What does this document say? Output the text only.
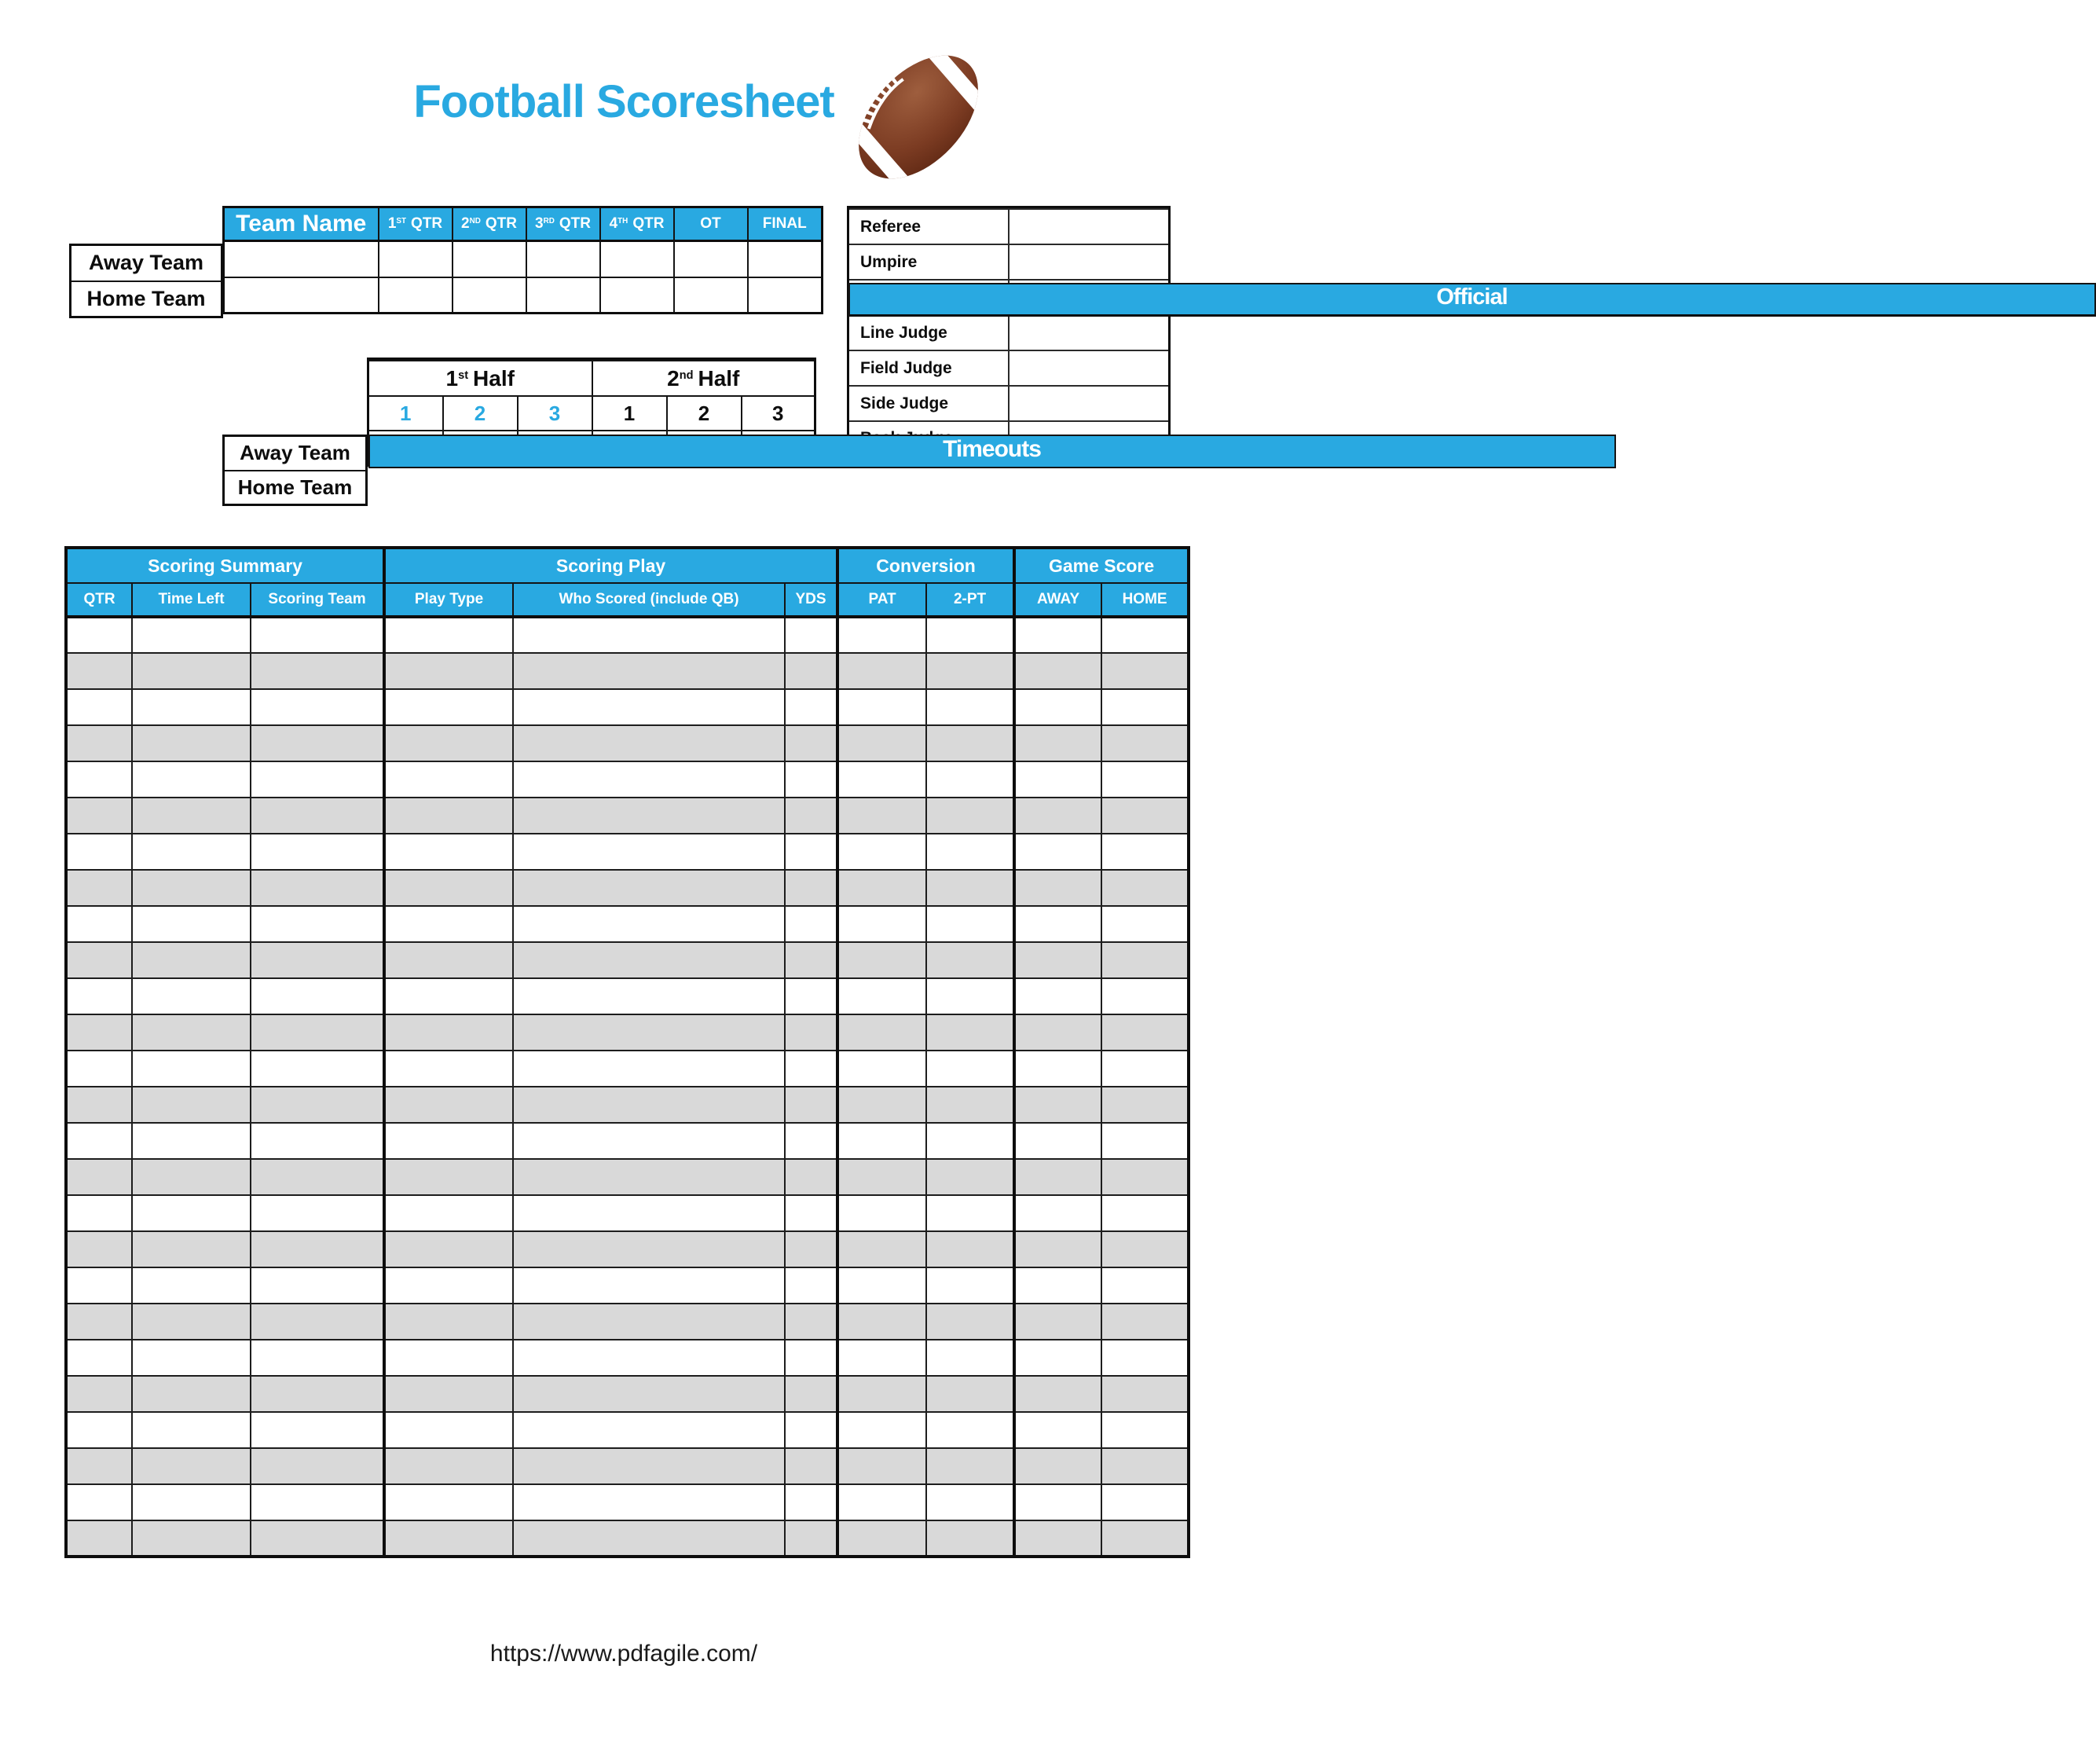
Football Scoresheet
Away Team
Home Team
Team Name	1ST QTR	2ND QTR	3RD QTR	4TH QTR	OT	FINAL

Official

Referee	
Umpire	

Line Judge	
Field Judge	
Side Judge	

Away Team
Home Team
Timeouts

1st Half			2nd Half		
1	2	3	1	2	3

Scoring Summary			Scoring Play			Conversion		Game Score	
QTR	Time Left	Scoring Team	Play Type	Who Scored (include QB)	YDS	PAT	2-PT	AWAY	HOME

https://www.pdfagile.com/
